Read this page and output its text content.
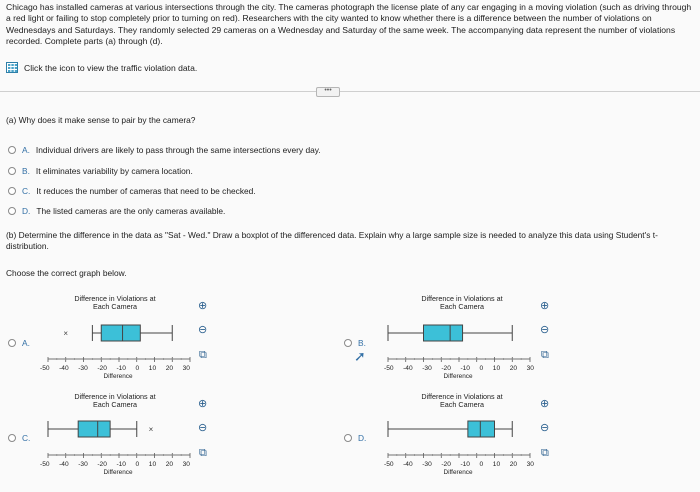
Chicago has installed cameras at various intersections through the city. The cameras photograph the license plate of any car engaging in a moving violation (such as driving through a red light or failing to stop completely prior to turning on red). Researchers with the city wanted to know whether there is a difference between the number of violations on Wednesdays and Saturdays. They randomly selected 29 cameras on a Wednesday and Saturday of the same week. The accompanying data represent the number of violations recorded. Complete parts (a) through (d).

Click the icon to view the traffic violation data.
•••
(a) Why does it make sense to pair by the camera?
A. Individual drivers are likely to pass through the same intersections every day.
B. It eliminates variability by camera location.
C. It reduces the number of cameras that need to be checked.
D. The listed cameras are the only cameras available.
(b) Determine the difference in the data as "Sat - Wed." Draw a boxplot of the differenced data. Explain why a large sample size is needed to analyze this data using Student's t-distribution.
Choose the correct graph below.
A.
Difference in Violations at
Each Camera
×
-50 -40 -30 -20 -10 0 10 20 30
Difference
⊕
⊖
⧉
B.
Difference in Violations at
Each Camera
-50 -40 -30 -20 -10 0 10 20 30
Difference
⊕
⊖
⧉
C.
Difference in Violations at
Each Camera
×
-50 -40 -30 -20 -10 0 10 20 30
Difference
⊕
⊖
⧉
D.
Difference in Violations at
Each Camera
-50 -40 -30 -20 -10 0 10 20 30
Difference
⊕
⊖
⧉
➚
